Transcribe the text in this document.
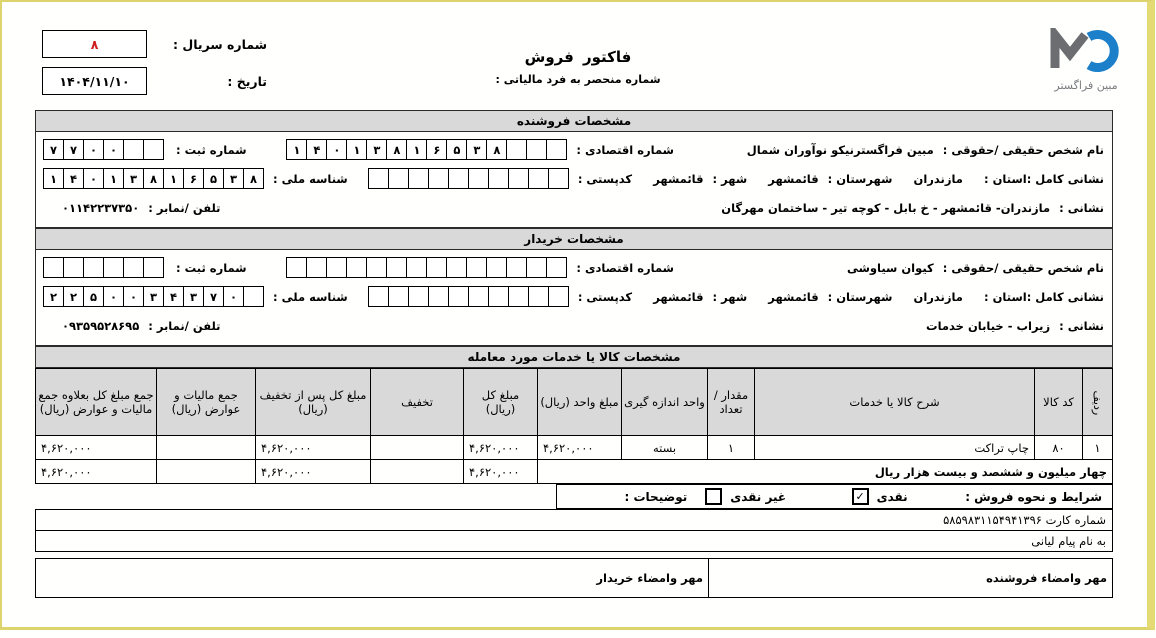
شماره سریال :
۸
تاریخ :
۱۴۰۴/۱۱/۱۰
فاکتور فروش
شماره منحصر به فرد مالیاتی :	مبین فراگستر
مشخصات فروشنده
نام شخص حقیقی /حقوقی :
مبین فراگسترنیکو نوآوران شمال
شماره اقتصادی :
۱	۴	۰	۱	۳	۸	۱	۶	۵	۳	۸
شماره ثبت :
۷	۷	۰	۰
نشانی کامل :استان :
مازندران
شهرستان :
قائمشهر
شهر :
قائمشهر
کدپستی :
شناسه ملی :
۱	۴	۰	۱	۳	۸	۱	۶	۵	۳	۸
نشانی :
مازندران- قائمشهر - خ بابل - کوچه تیر - ساختمان مهرگان
تلفن /نمابر :
۰۱۱۴۲۲۳۷۳۵۰
مشخصات خریدار
نام شخص حقیقی /حقوقی :
کیوان سیاوشی
شماره اقتصادی :
شماره ثبت :
نشانی کامل :استان :
مازندران
شهرستان :
قائمشهر
شهر :
قائمشهر
کدپستی :
شناسه ملی :
۲	۲	۵	۰	۰	۳	۴	۳	۷	۰
نشانی :
زیراب - خیابان خدمات
تلفن /نمابر :
۰۹۳۵۹۵۲۸۶۹۵
مشخصات کالا یا خدمات مورد معامله
ردیف	کد کالا	شرح کالا یا خدمات	مقدار / تعداد	واحد اندازه گیری	مبلغ واحد (ریال)	مبلغ کل (ریال)	تخفیف	مبلغ کل پس از تخفیف (ریال)	جمع مالیات و عوارض (ریال)	جمع مبلغ کل بعلاوه جمع مالیات و عوارض (ریال)
۱	۸۰	چاپ تراکت	۱	بسته	۴,۶۲۰,۰۰۰	۴,۶۲۰,۰۰۰		۴,۶۲۰,۰۰۰		۴,۶۲۰,۰۰۰
چهار میلیون و ششصد و بیست هزار ریال						۴,۶۲۰,۰۰۰		۴,۶۲۰,۰۰۰		۴,۶۲۰,۰۰۰
شرایط و نحوه فروش :
نقدی
✓
غیر نقدی
توضیحات :
شماره کارت ۵۸۵۹۸۳۱۱۵۴۹۴۱۳۹۶
به نام پیام لیانی
مهر وامضاء فروشنده
مهر وامضاء خریدار
